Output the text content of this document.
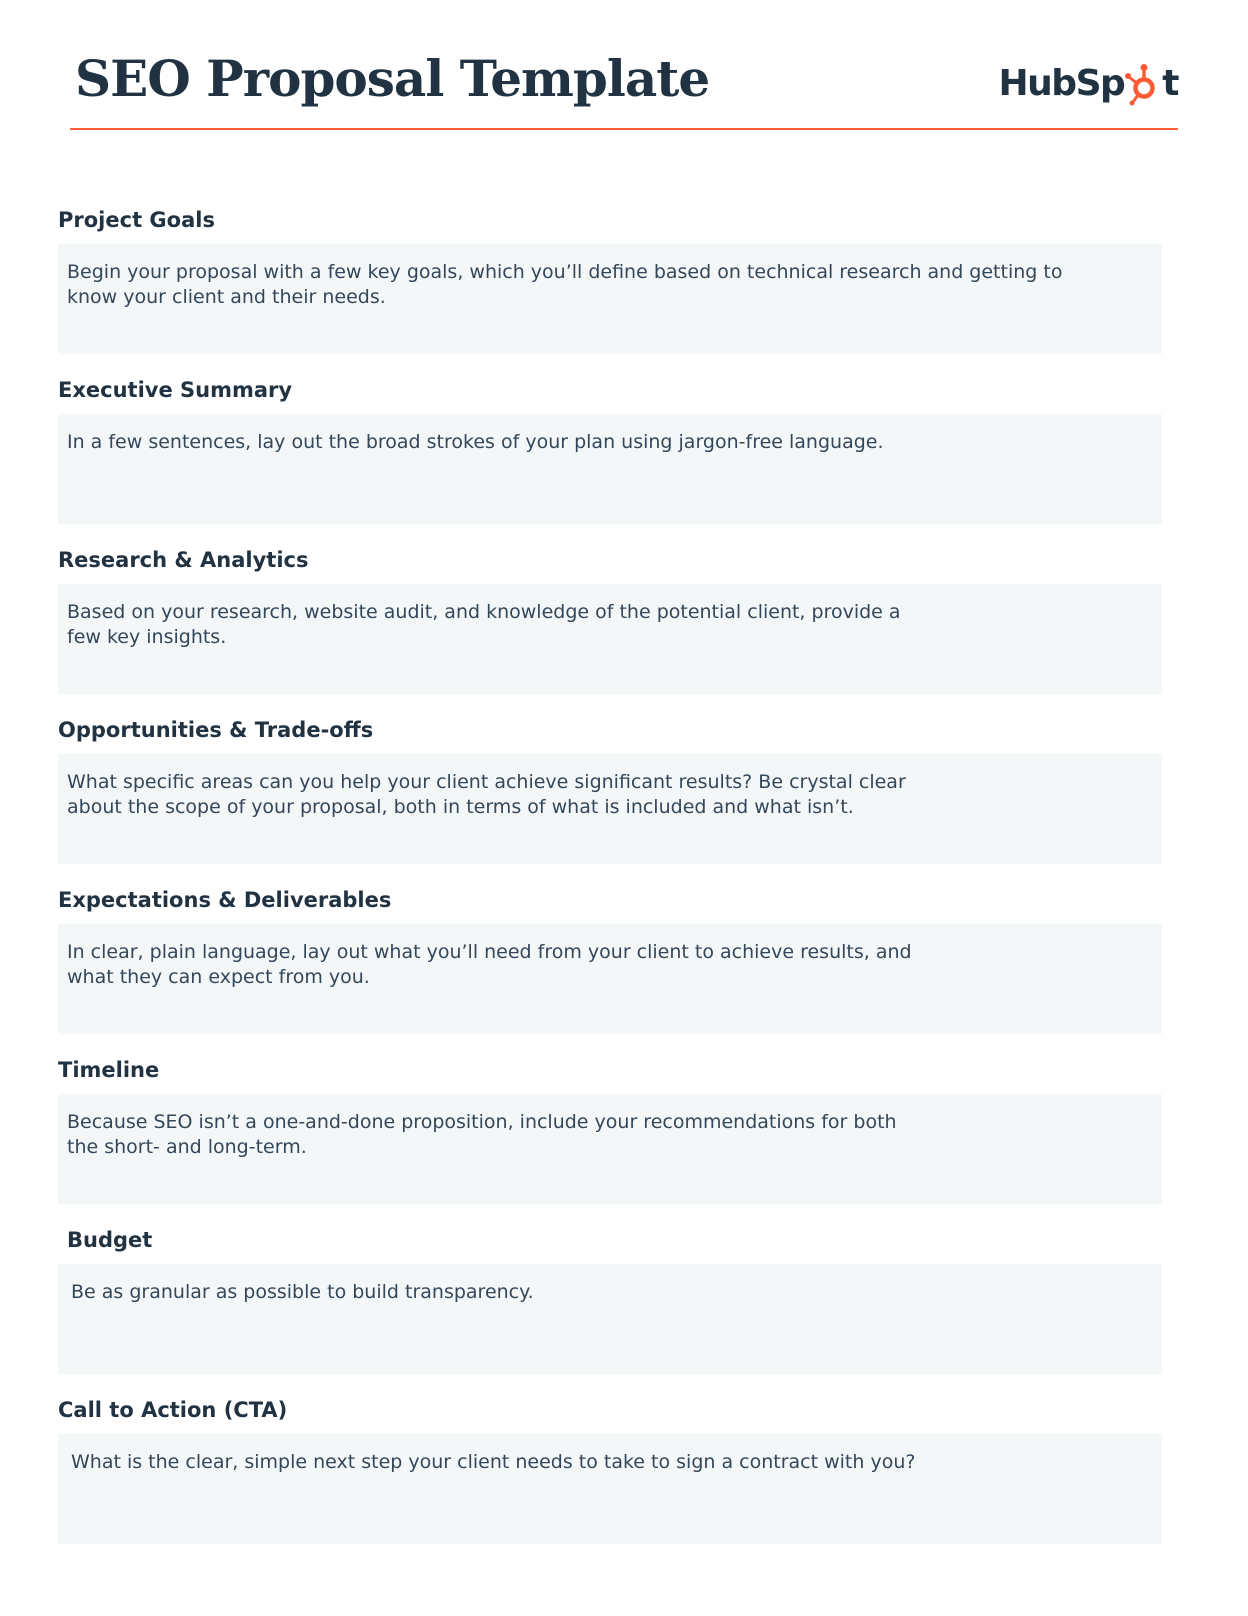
SEO Proposal Template	HubSp t
Project Goals

Begin your proposal with a few key goals, which you’ll define based on technical research and getting to know your client and their needs.

Executive Summary

In a few sentences, lay out the broad strokes of your plan using jargon-free language.

Research & Analytics

Based on your research, website audit, and knowledge of the potential client, provide a few key insights.

Opportunities & Trade-offs

What specific areas can you help your client achieve significant results? Be crystal clear about the scope of your proposal, both in terms of what is included and what isn’t.

Expectations & Deliverables

In clear, plain language, lay out what you’ll need from your client to achieve results, and what they can expect from you.

Timeline

Because SEO isn’t a one-and-done proposition, include your recommendations for both the short- and long-term.

Budget

Be as granular as possible to build transparency.

Call to Action (CTA)

What is the clear, simple next step your client needs to take to sign a contract with you?
